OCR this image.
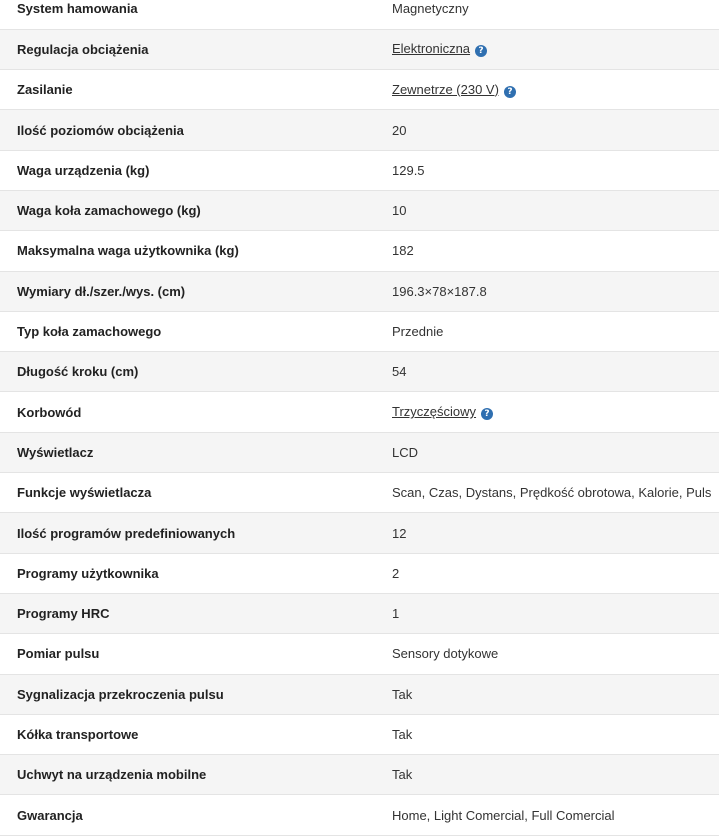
System hamowania	Magnetyczny
Regulacja obciążenia	Elektroniczna ?
Zasilanie	Zewnetrze (230 V) ?
Ilość poziomów obciążenia	20
Waga urządzenia (kg)	129.5
Waga koła zamachowego (kg)	10
Maksymalna waga użytkownika (kg)	182
Wymiary dł./szer./wys. (cm)	196.3×78×187.8
Typ koła zamachowego	Przednie
Długość kroku (cm)	54
Korbowód	Trzyczęściowy ?
Wyświetlacz	LCD
Funkcje wyświetlacza	Scan, Czas, Dystans, Prędkość obrotowa, Kalorie, Puls
Ilość programów predefiniowanych	12
Programy użytkownika	2
Programy HRC	1
Pomiar pulsu	Sensory dotykowe
Sygnalizacja przekroczenia pulsu	Tak
Kółka transportowe	Tak
Uchwyt na urządzenia mobilne	Tak
Gwarancja	Home, Light Comercial, Full Comercial
